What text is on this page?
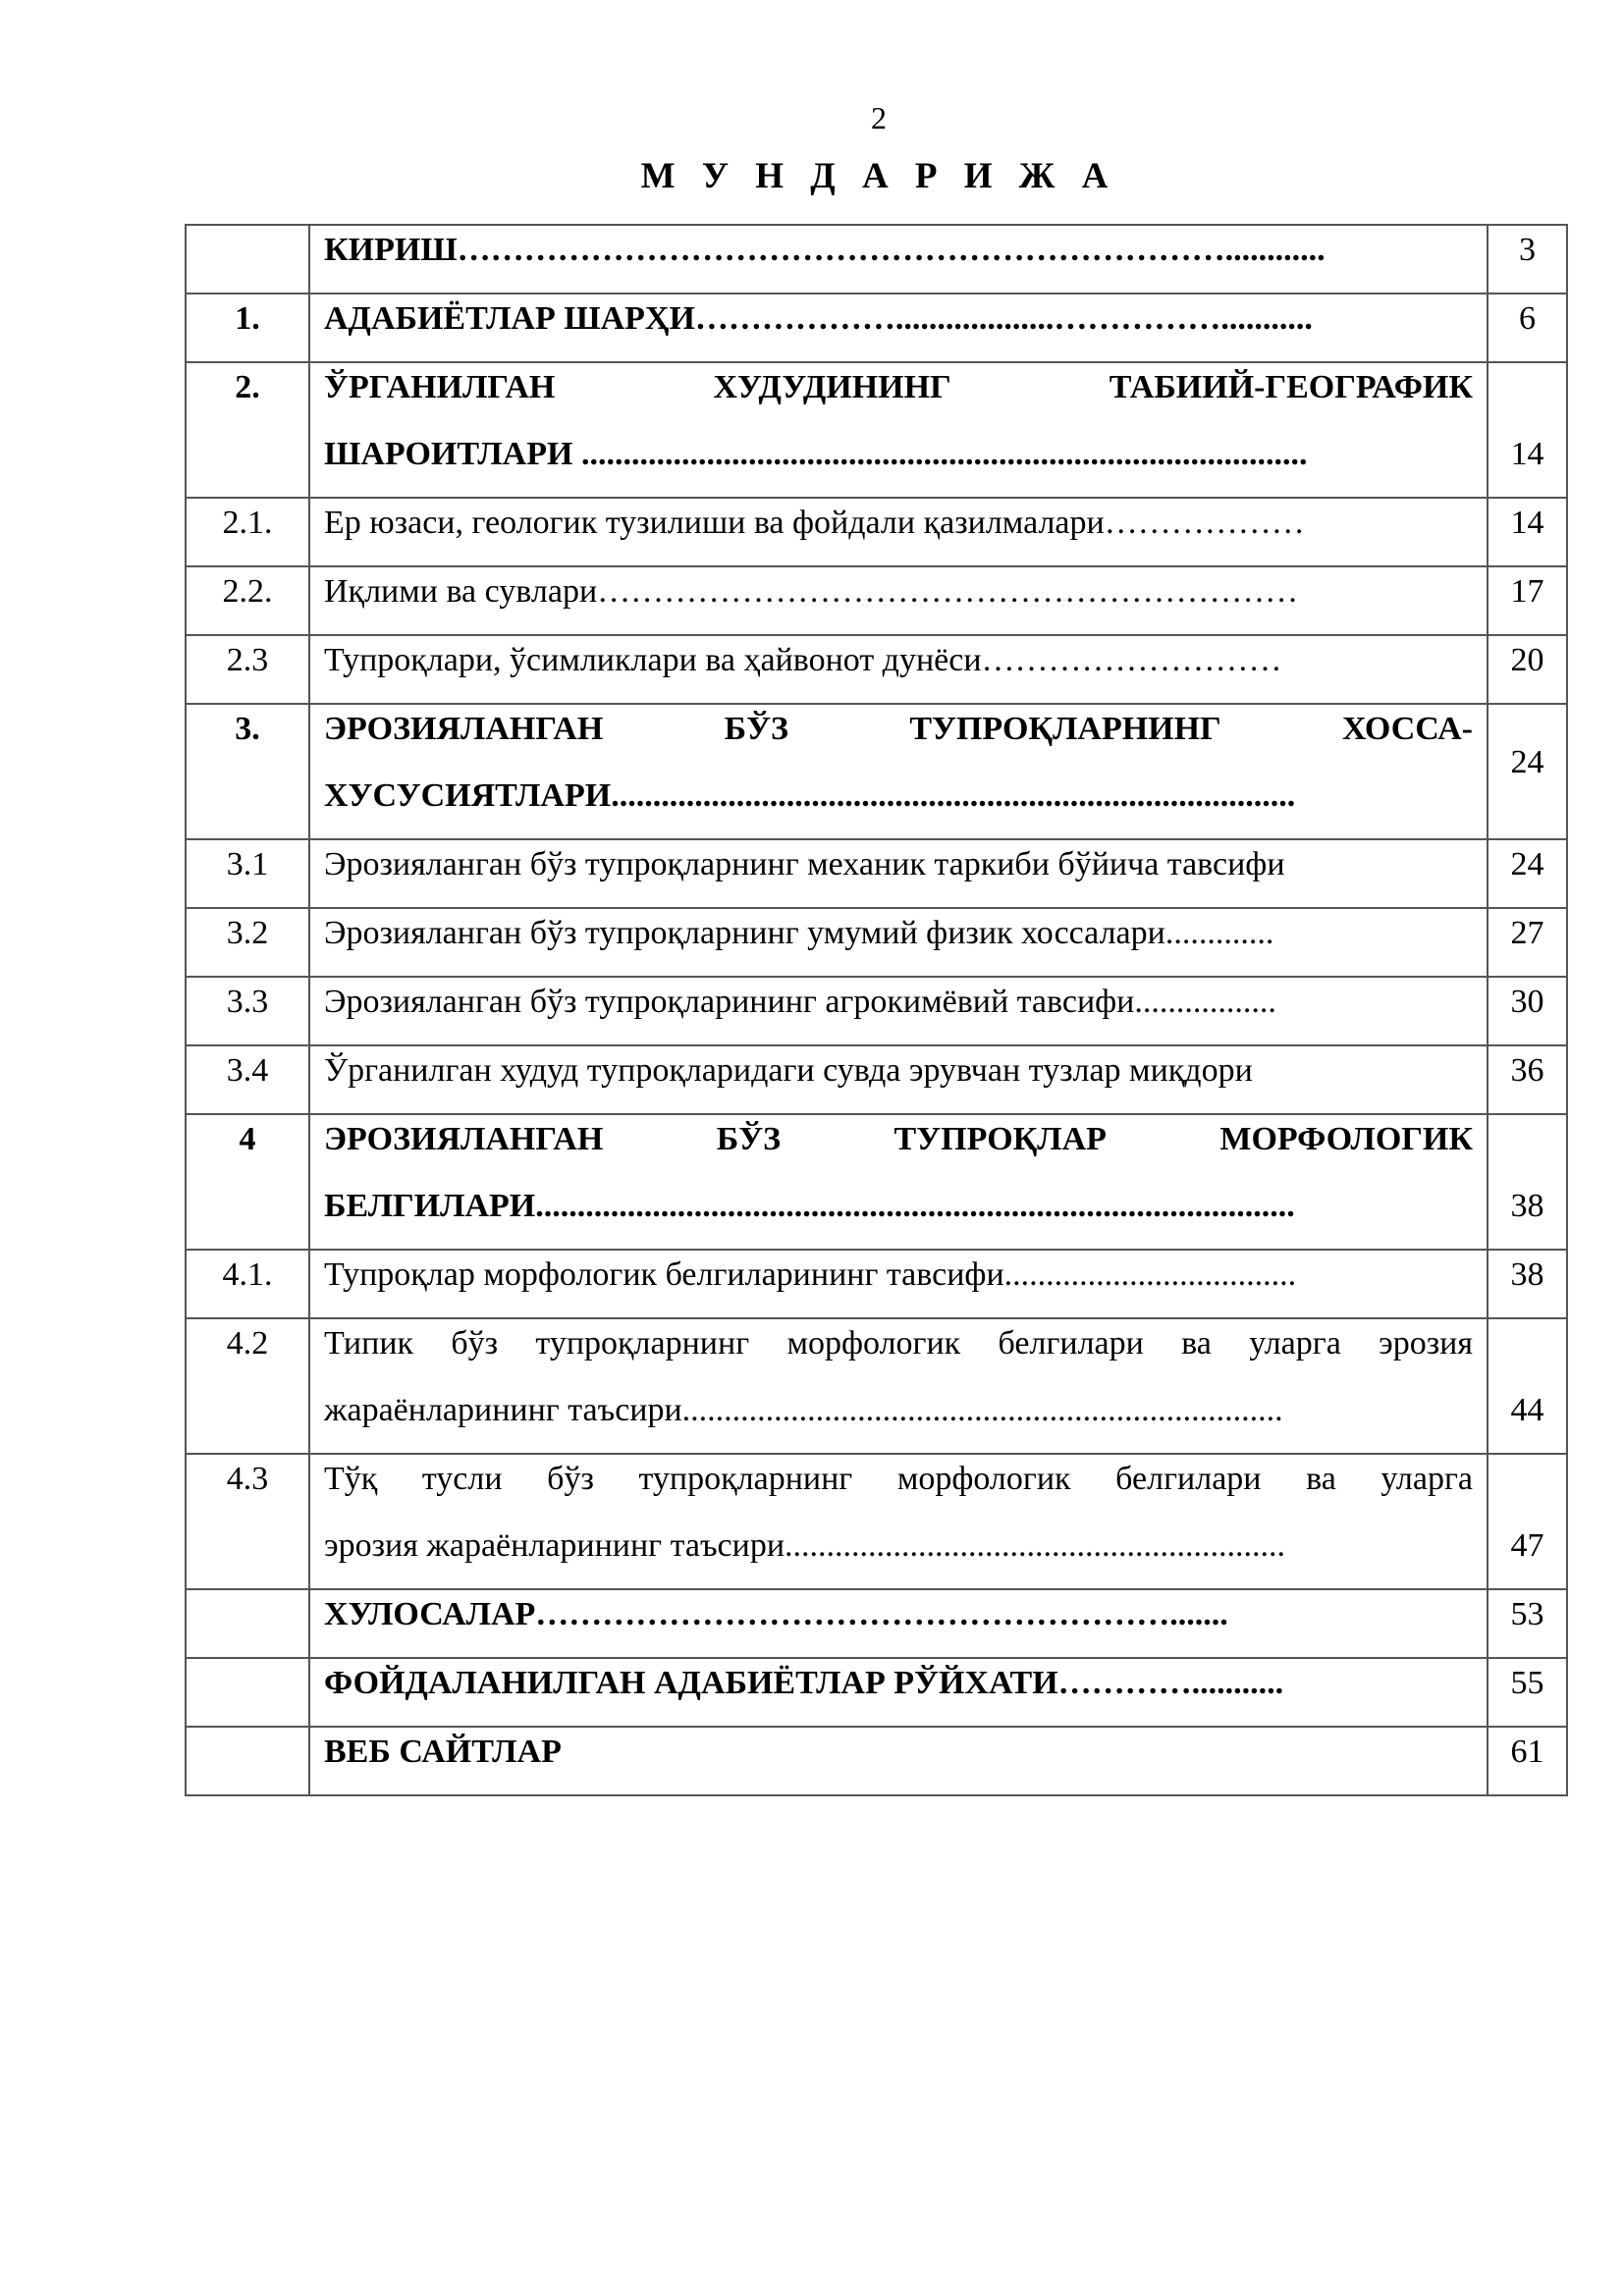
2
М У Н Д А Р И Ж А

	КИРИШ……………………………………………………………............	3

1.	АДАБИЁТЛАР ШАРҲИ………………...................……………...........	6

2.	ЎРГАНИЛГАН ХУДУДИНИНГ ТАБИИЙ-ГЕОГРАФИК
ШАРОИТЛАРИ .......................................................................................	14

2.1.	Ер юзаси, геологик тузилиши ва фойдали қазилмалари………………	14

2.2.	Иқлими ва сувлари………………………………………………………	17

2.3	Тупроқлари, ўсимликлари ва ҳайвонот дунёси………………………	20

3.	ЭРОЗИЯЛАНГАН БЎЗ ТУПРОҚЛАРНИНГ ХОССА-
ХУСУСИЯТЛАРИ..................................................................................	24

3.1	Эрозияланган бўз тупроқларнинг механик таркиби бўйича тавсифи	24

3.2	Эрозияланган бўз тупроқларнинг умумий физик хоссалари.............	27

3.3	Эрозияланган бўз тупроқларининг агрокимёвий тавсифи.................	30

3.4	Ўрганилган худуд тупроқларидаги сувда эрувчан тузлар миқдори	36

4	ЭРОЗИЯЛАНГАН БЎЗ ТУПРОҚЛАР МОРФОЛОГИК
БЕЛГИЛАРИ...........................................................................................	38

4.1.	Тупроқлар морфологик белгиларининг тавсифи...................................	38

4.2	Типик бўз тупроқларнинг морфологик белгилари ва уларга эрозия
жараёнларининг таъсири........................................................................	44

4.3	Тўқ тусли бўз тупроқларнинг морфологик белгилари ва уларга
эрозия жараёнларининг таъсири............................................................	47

	ХУЛОСАЛАР………………………………………………….......	53

	ФОЙДАЛАНИЛГАН АДАБИЁТЛАР РЎЙХАТИ…………...........	55

	ВЕБ САЙТЛАР	61
